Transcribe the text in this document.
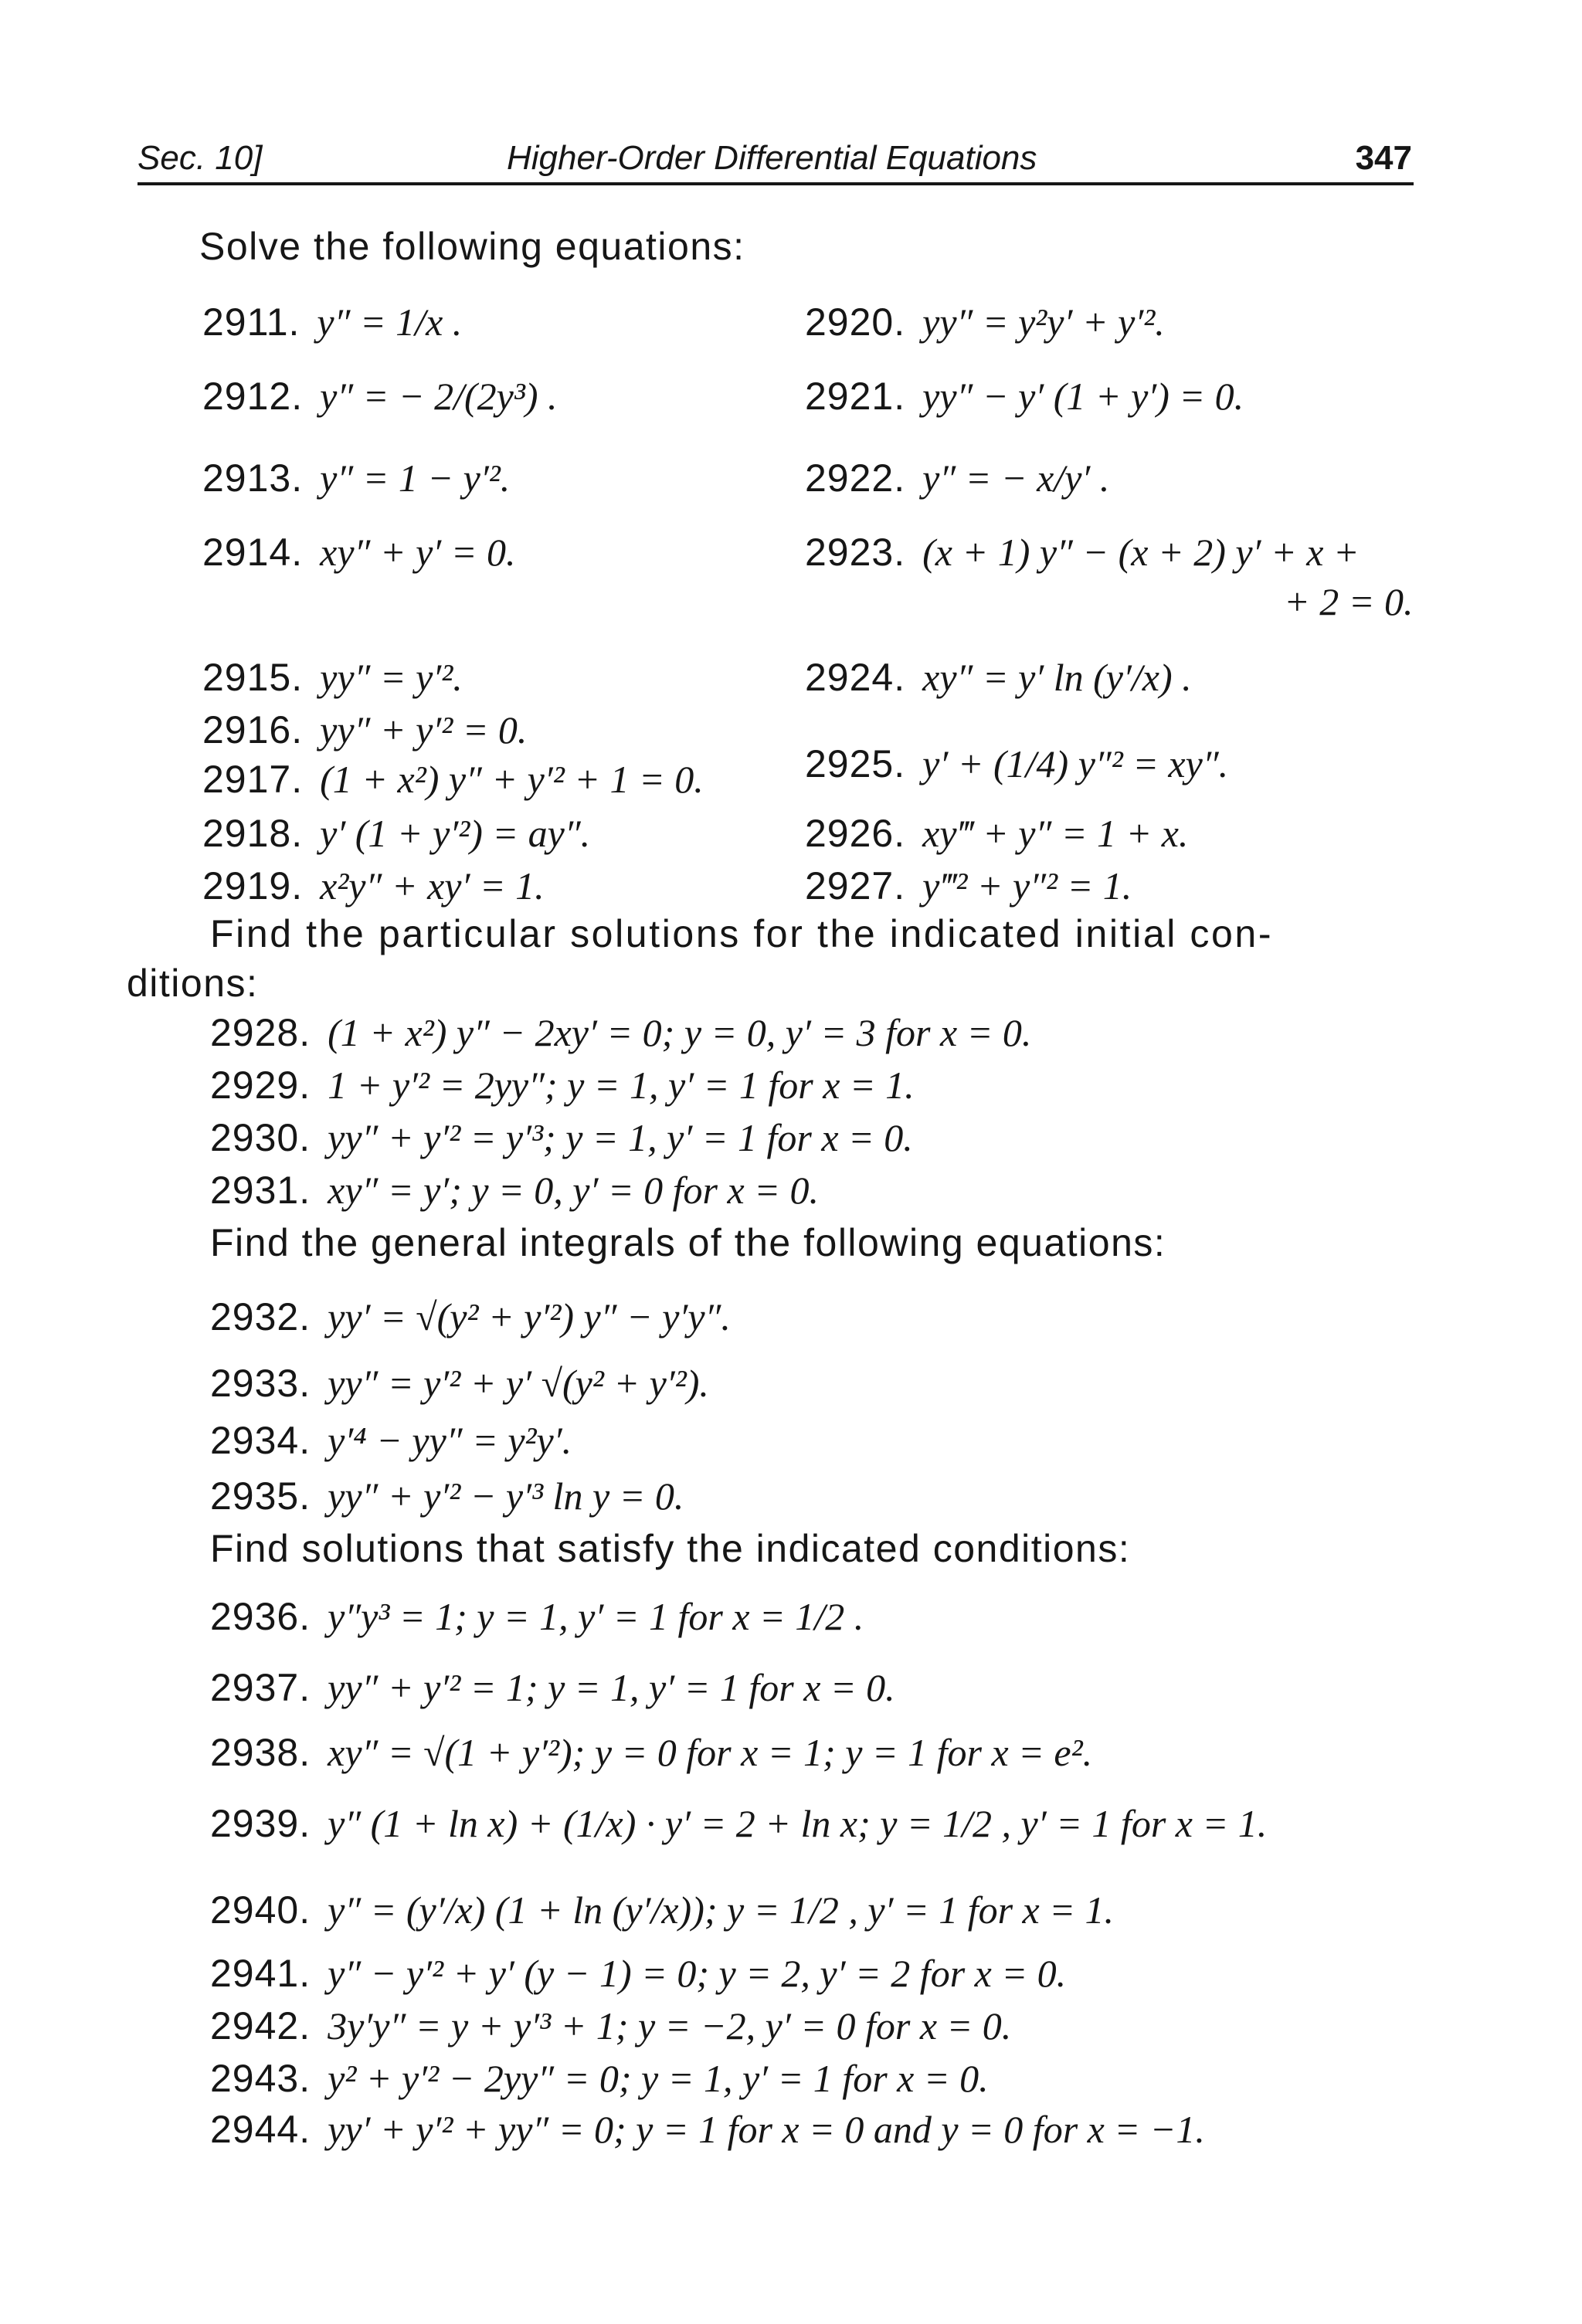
Sec. 10]	Higher-Order Differential Equations	347
Solve the following equations:
2911. y″ = 1/x .
2912. y″ = − 2/(2y³) .
2913. y″ = 1 − y′².
2914. xy″ + y′ = 0.
2915. yy″ = y′².
2916. yy″ + y′² = 0.
2917. (1 + x²) y″ + y′² + 1 = 0.
2918. y′ (1 + y′²) = ay″.
2919. x²y″ + xy′ = 1.
2920. yy″ = y²y′ + y′².
2921. yy″ − y′ (1 + y′) = 0.
2922. y″ = − x/y′ .
2923. (x + 1) y″ − (x + 2) y′ + x +
+ 2 = 0.
2924. xy″ = y′ ln (y′/x) .
2925. y′ + (1/4) y″² = xy″.
2926. xy‴ + y″ = 1 + x.
2927. y‴² + y″² = 1.
Find the particular solutions for the indicated initial con-
ditions:
2928. (1 + x²) y″ − 2xy′ = 0; y = 0, y′ = 3 for x = 0.
2929. 1 + y′² = 2yy″; y = 1, y′ = 1 for x = 1.
2930. yy″ + y′² = y′³; y = 1, y′ = 1 for x = 0.
2931. xy″ = y′; y = 0, y′ = 0 for x = 0.
Find the general integrals of the following equations:
2932. yy′ = √(y² + y′²) y″ − y′y″.
2933. yy″ = y′² + y′ √(y² + y′²).
2934. y′⁴ − yy″ = y²y′.
2935. yy″ + y′² − y′³ ln y = 0.
Find solutions that satisfy the indicated conditions:
2936. y″y³ = 1; y = 1, y′ = 1 for x = 1/2 .
2937. yy″ + y′² = 1; y = 1, y′ = 1 for x = 0.
2938. xy″ = √(1 + y′²); y = 0 for x = 1; y = 1 for x = e².
2939. y″ (1 + ln x) + (1/x) · y′ = 2 + ln x; y = 1/2 , y′ = 1 for x = 1.
2940. y″ = (y′/x) (1 + ln (y′/x)); y = 1/2 , y′ = 1 for x = 1.
2941. y″ − y′² + y′ (y − 1) = 0; y = 2, y′ = 2 for x = 0.
2942. 3y′y″ = y + y′³ + 1; y = −2, y′ = 0 for x = 0.
2943. y² + y′² − 2yy″ = 0; y = 1, y′ = 1 for x = 0.
2944. yy′ + y′² + yy″ = 0; y = 1 for x = 0 and y = 0 for x = −1.
